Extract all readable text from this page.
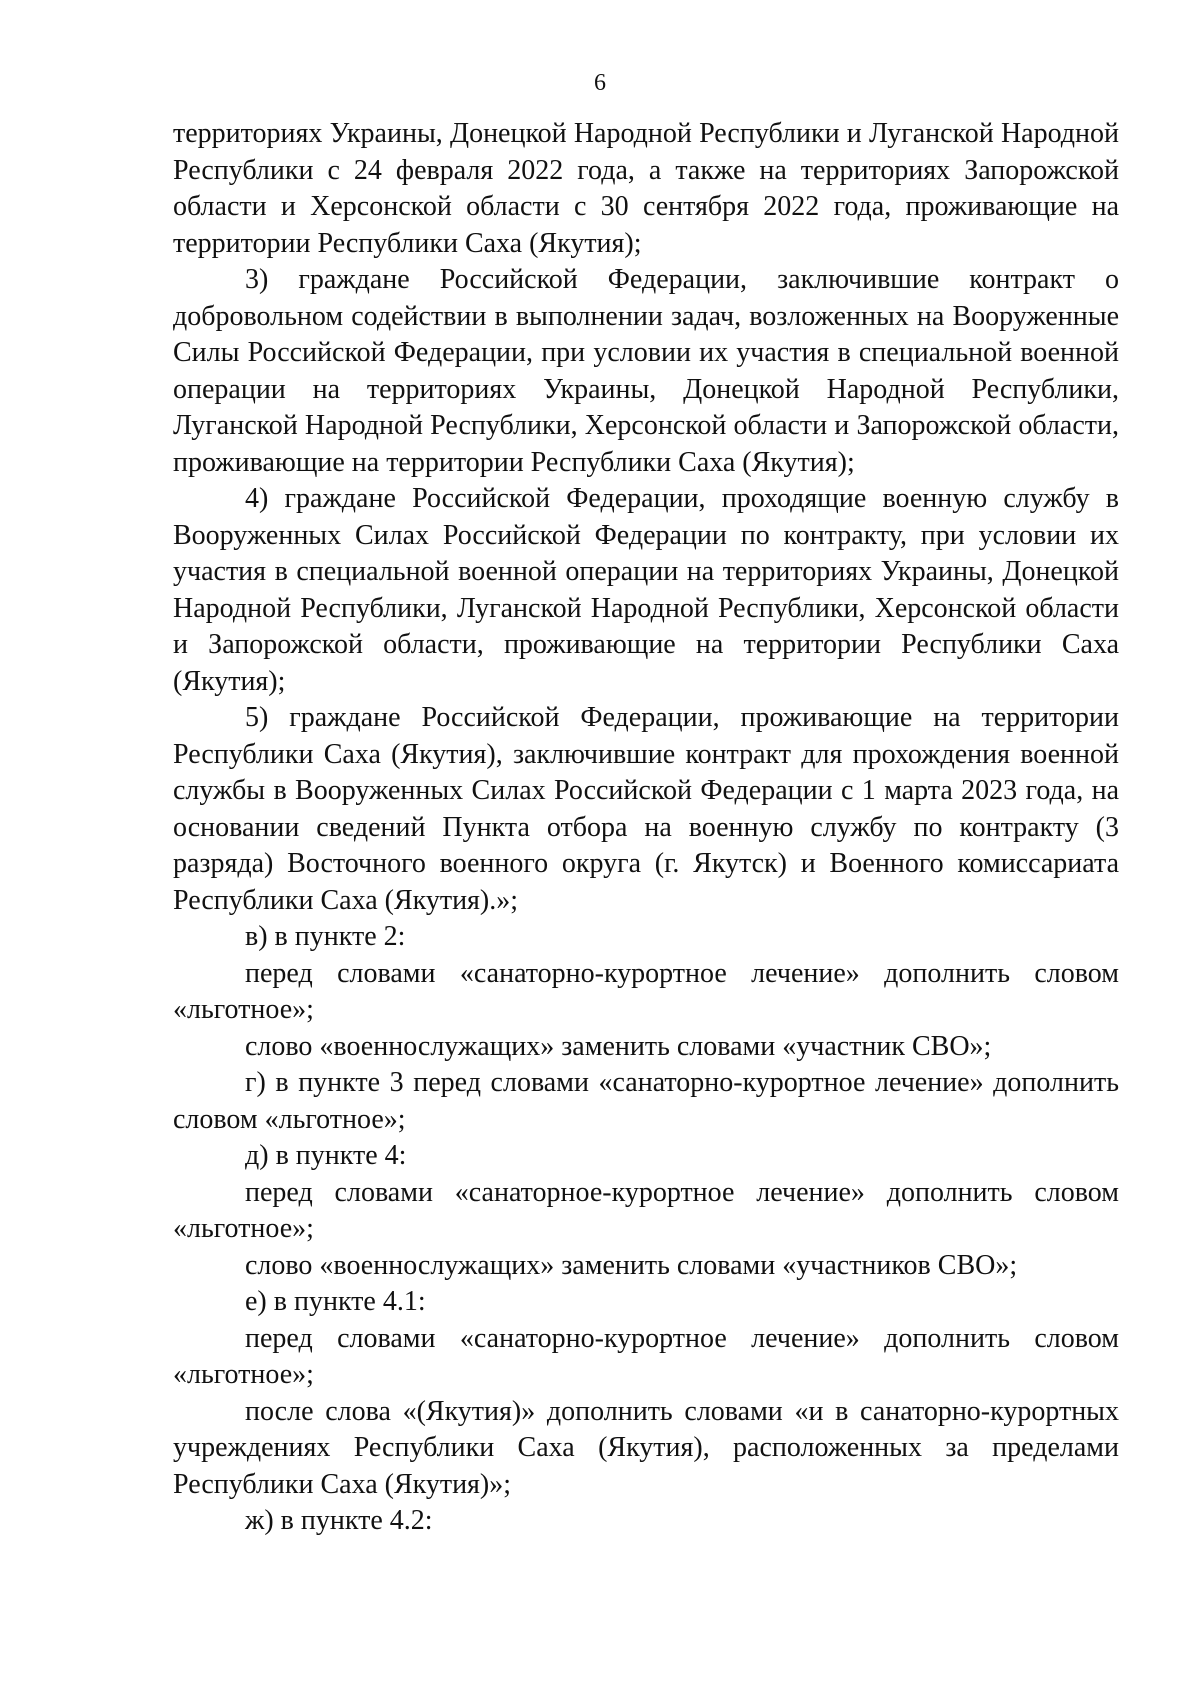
6

территориях Украины, Донецкой Народной Республики и Луганской Народной Республики с 24 февраля 2022 года, а также на территориях Запорожской области и Херсонской области с 30 сентября 2022 года, проживающие на территории Республики Саха (Якутия);

3) граждане Российской Федерации, заключившие контракт о добровольном содействии в выполнении задач, возложенных на Вооруженные Силы Российской Федерации, при условии их участия в специальной военной операции на территориях Украины, Донецкой Народной Республики, Луганской Народной Республики, Херсонской области и Запорожской области, проживающие на территории Республики Саха (Якутия);

4) граждане Российской Федерации, проходящие военную службу в Вооруженных Силах Российской Федерации по контракту, при условии их участия в специальной военной операции на территориях Украины, Донецкой Народной Республики, Луганской Народной Республики, Херсонской области и Запорожской области, проживающие на территории Республики Саха (Якутия);

5) граждане Российской Федерации, проживающие на территории Республики Саха (Якутия), заключившие контракт для прохождения военной службы в Вооруженных Силах Российской Федерации с 1 марта 2023 года, на основании сведений Пункта отбора на военную службу по контракту (3 разряда) Восточного военного округа (г. Якутск) и Военного комиссариата Республики Саха (Якутия).»;

в) в пункте 2:

перед словами «санаторно-курортное лечение» дополнить словом «льготное»;

слово «военнослужащих» заменить словами «участник СВО»;

г) в пункте 3 перед словами «санаторно-курортное лечение» дополнить словом «льготное»;

д) в пункте 4:

перед словами «санаторное-курортное лечение» дополнить словом «льготное»;

слово «военнослужащих» заменить словами «участников СВО»;

е) в пункте 4.1:

перед словами «санаторно-курортное лечение» дополнить словом «льготное»;

после слова «(Якутия)» дополнить словами «и в санаторно-курортных учреждениях Республики Саха (Якутия), расположенных за пределами Республики Саха (Якутия)»;

ж) в пункте 4.2:
